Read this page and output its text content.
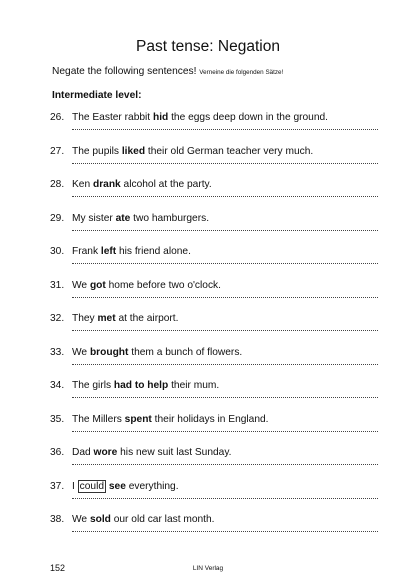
Past tense: Negation
Negate the following sentences! Verneine die folgenden Sätze!
Intermediate level:
26. The Easter rabbit hid the eggs deep down in the ground.
27. The pupils liked their old German teacher very much.
28. Ken drank alcohol at the party.
29. My sister ate two hamburgers.
30. Frank left his friend alone.
31. We got home before two o'clock.
32. They met at the airport.
33. We brought them a bunch of flowers.
34. The girls had to help their mum.
35. The Millers spent their holidays in England.
36. Dad wore his new suit last Sunday.
37. I could see everything.
38. We sold our old car last month.
152	LIN Verlag
